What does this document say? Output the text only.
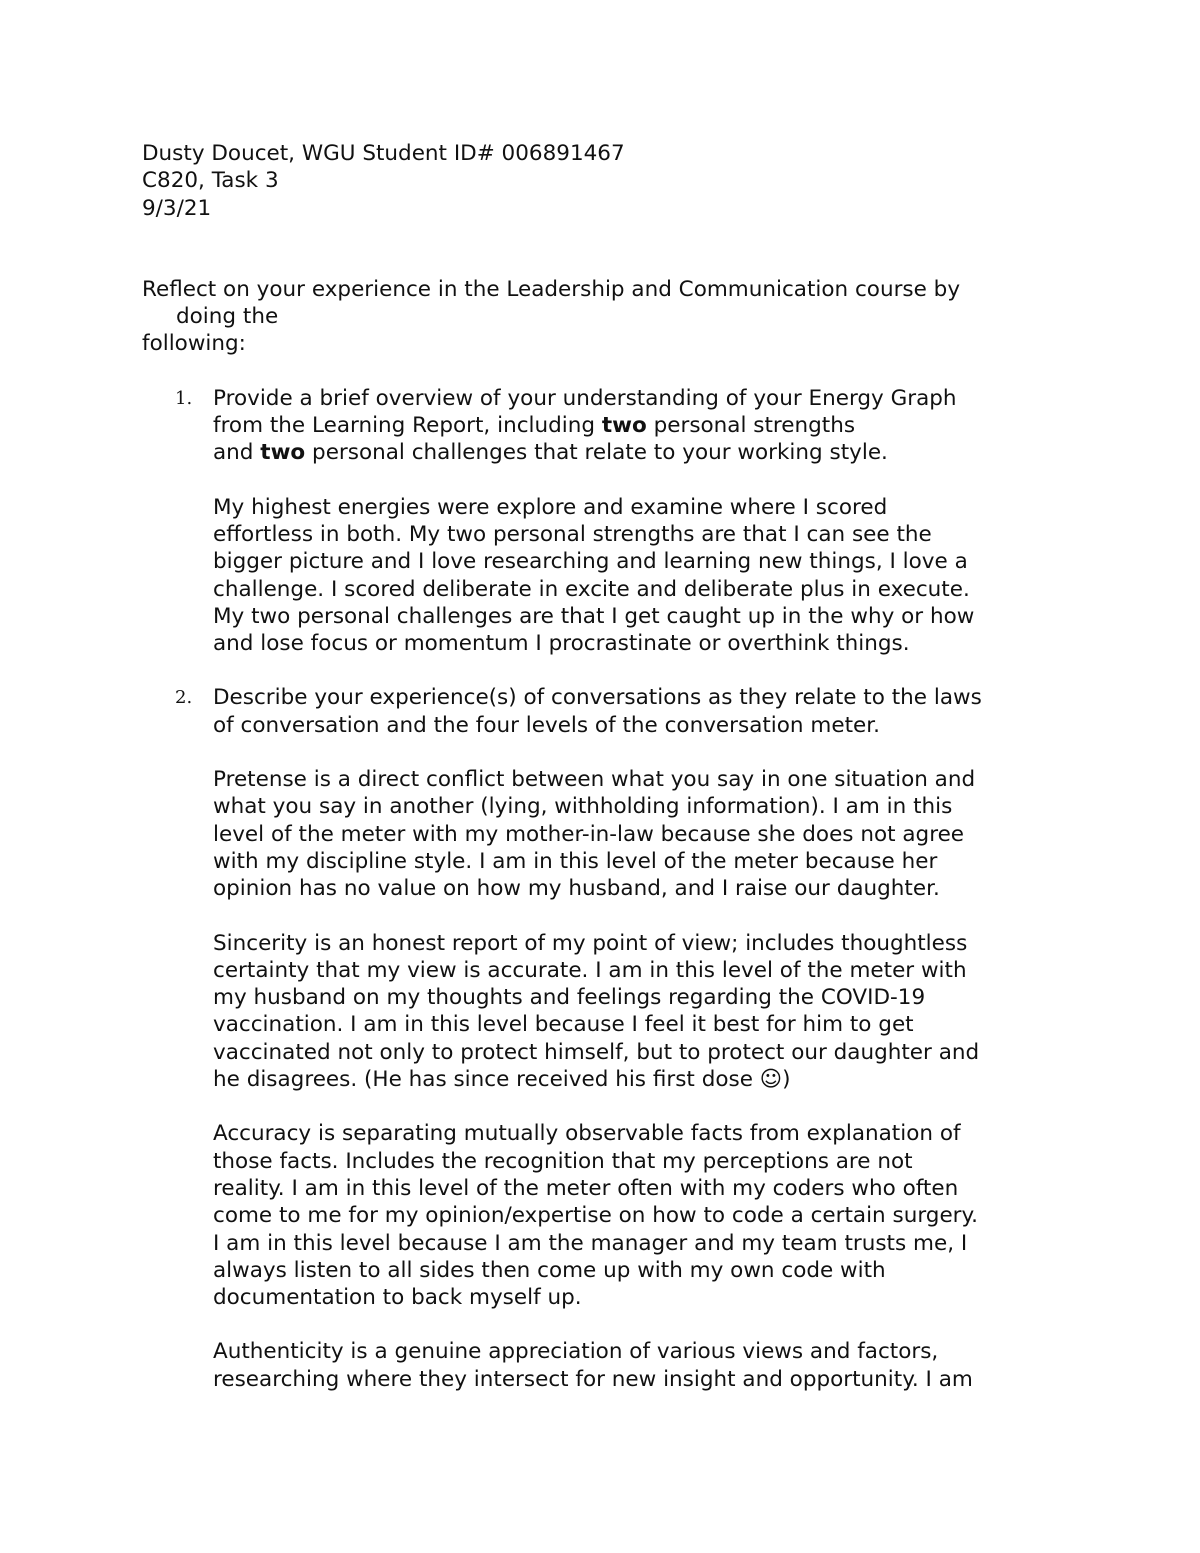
Dusty Doucet, WGU Student ID# 006891467
C820, Task 3
9/3/21
Reflect on your experience in the Leadership and Communication course by
doing the
following:
1. Provide a brief overview of your understanding of your Energy Graph
from the Learning Report, including two personal strengths
and two personal challenges that relate to your working style.
My highest energies were explore and examine where I scored
effortless in both. My two personal strengths are that I can see the
bigger picture and I love researching and learning new things, I love a
challenge. I scored deliberate in excite and deliberate plus in execute.
My two personal challenges are that I get caught up in the why or how
and lose focus or momentum I procrastinate or overthink things.
2. Describe your experience(s) of conversations as they relate to the laws
of conversation and the four levels of the conversation meter.
Pretense is a direct conflict between what you say in one situation and
what you say in another (lying, withholding information). I am in this
level of the meter with my mother-in-law because she does not agree
with my discipline style. I am in this level of the meter because her
opinion has no value on how my husband, and I raise our daughter.
Sincerity is an honest report of my point of view; includes thoughtless
certainty that my view is accurate. I am in this level of the meter with
my husband on my thoughts and feelings regarding the COVID-19
vaccination. I am in this level because I feel it best for him to get
vaccinated not only to protect himself, but to protect our daughter and
he disagrees. (He has since received his first dose ☺)
Accuracy is separating mutually observable facts from explanation of
those facts. Includes the recognition that my perceptions are not
reality. I am in this level of the meter often with my coders who often
come to me for my opinion/expertise on how to code a certain surgery.
I am in this level because I am the manager and my team trusts me, I
always listen to all sides then come up with my own code with
documentation to back myself up.
Authenticity is a genuine appreciation of various views and factors,
researching where they intersect for new insight and opportunity. I am
